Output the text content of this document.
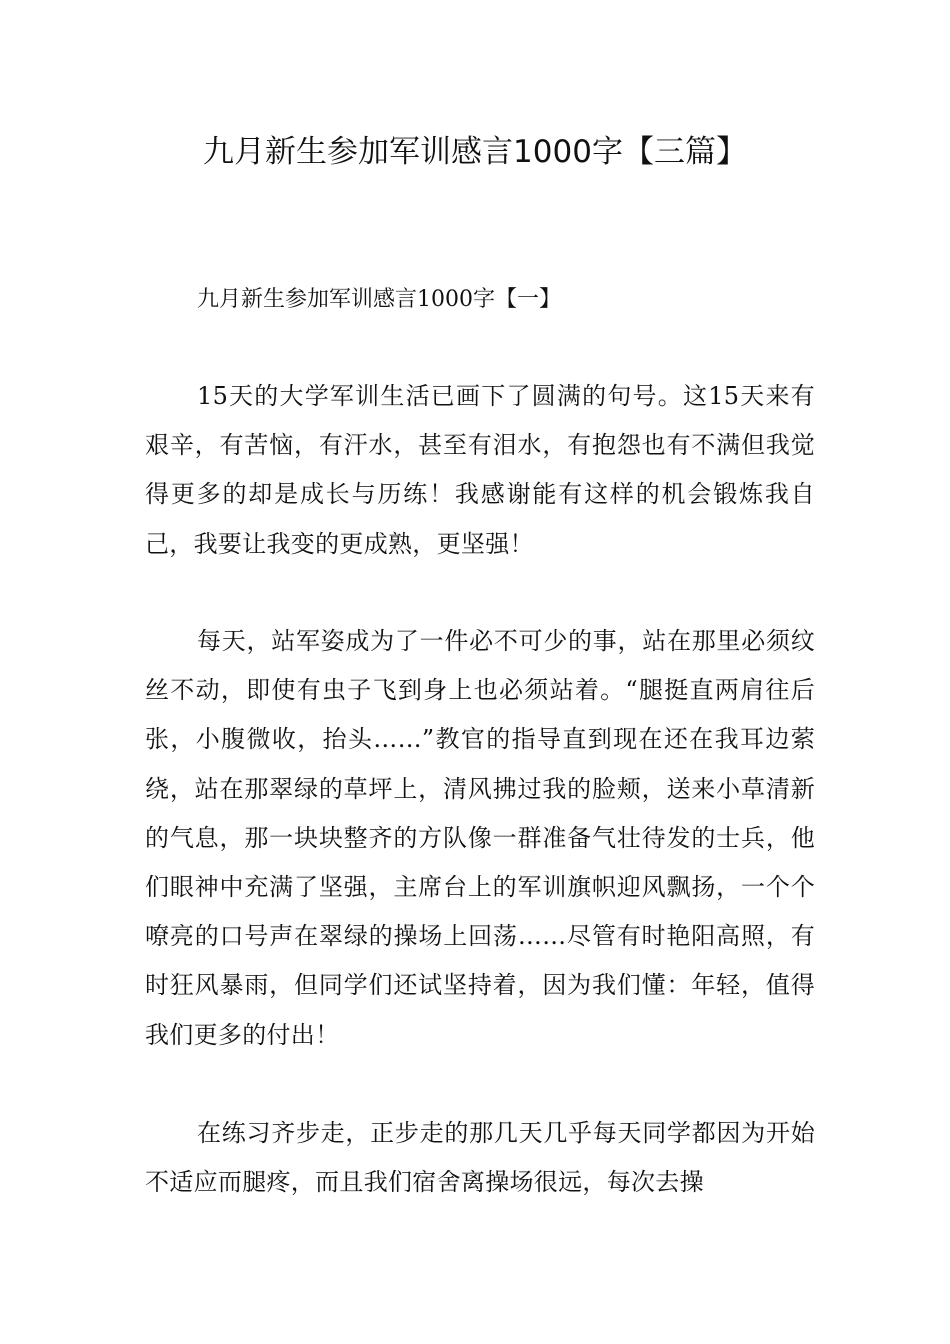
九月新生参加军训感言1000字【三篇】

九月新生参加军训感言1000字【一】

15天的大学军训生活已画下了圆满的句号。这15天来有艰辛，有苦恼，有汗水，甚至有泪水，有抱怨也有不满但我觉得更多的却是成长与历练！我感谢能有这样的机会锻炼我自己，我要让我变的更成熟，更坚强！

每天，站军姿成为了一件必不可少的事，站在那里必须纹丝不动，即使有虫子飞到身上也必须站着。“腿挺直两肩往后张，小腹微收，抬头……”教官的指导直到现在还在我耳边萦绕，站在那翠绿的草坪上，清风拂过我的脸颊，送来小草清新的气息，那一块块整齐的方队像一群准备气壮待发的士兵，他们眼神中充满了坚强，主席台上的军训旗帜迎风飘扬，一个个嘹亮的口号声在翠绿的操场上回荡……尽管有时艳阳高照，有时狂风暴雨，但同学们还试坚持着，因为我们懂：年轻，值得我们更多的付出！

在练习齐步走，正步走的那几天几乎每天同学都因为开始不适应而腿疼，而且我们宿舍离操场很远，每次去操
